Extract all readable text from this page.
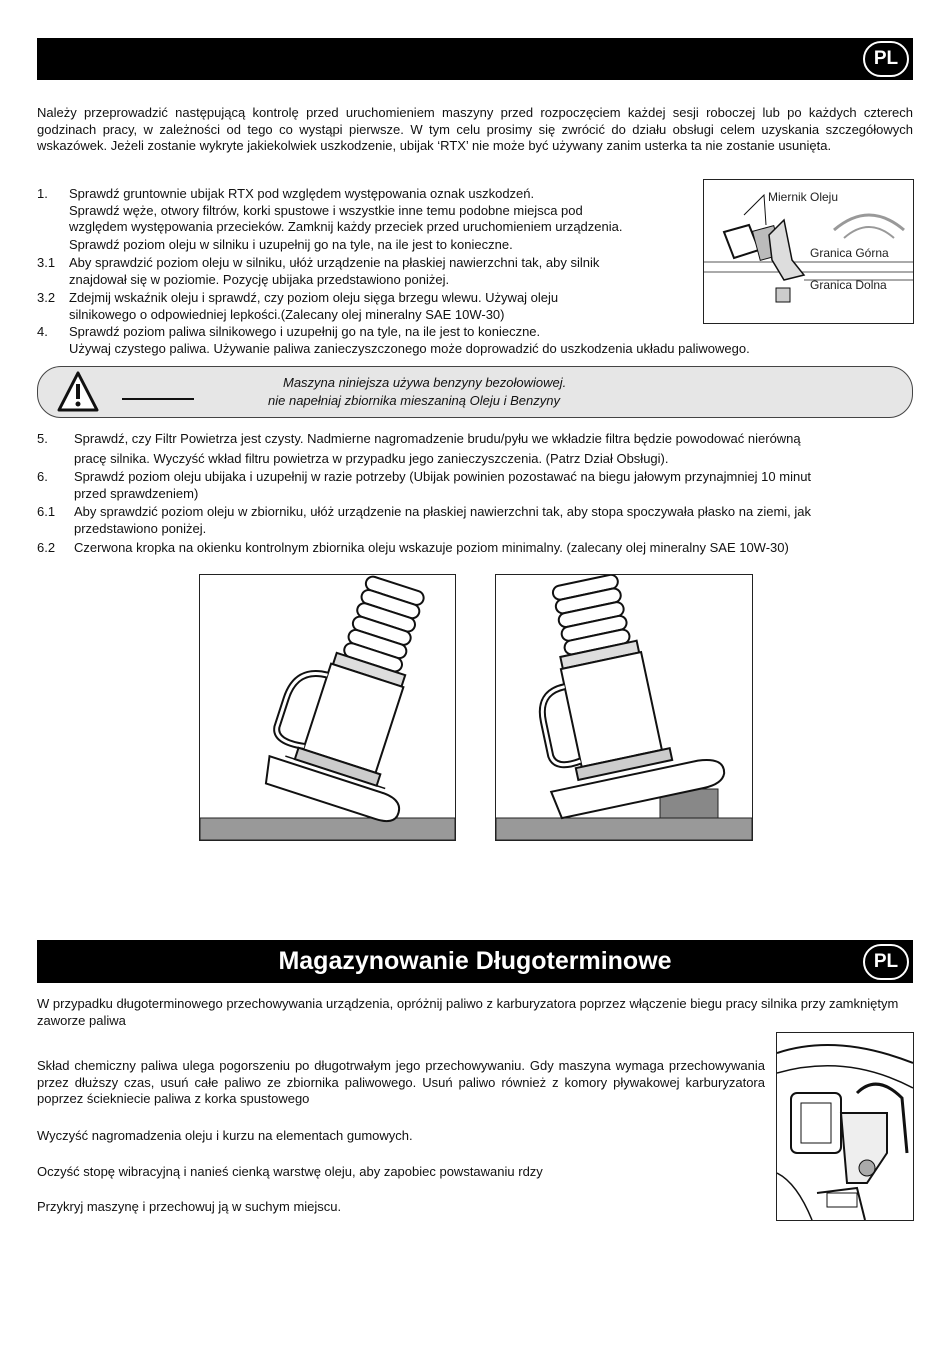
PL

Należy przeprowadzić następującą kontrolę przed uruchomieniem maszyny przed rozpoczęciem każdej sesji roboczej lub po każdych czterech godzinach pracy, w zależności od tego co wystąpi pierwsze. W tym celu prosimy się zwrócić do działu obsługi celem uzyskania szczegółowych wskazówek. Jeżeli zostanie wykryte jakiekolwiek uszkodzenie, ubijak ‘RTX’ nie może być używany zanim usterka ta nie zostanie usunięta.

1. Sprawdź gruntownie ubijak RTX pod względem występowania oznak uszkodzeń.
Sprawdź węże, otwory filtrów, korki spustowe i wszystkie inne temu podobne miejsca pod
względem występowania przecieków. Zamknij każdy przeciek przed uruchomieniem urządzenia.
Sprawdź poziom oleju w silniku i uzupełnij go na tyle, na ile jest to konieczne.
3.1 Aby sprawdzić poziom oleju w silniku, ułóż urządzenie na płaskiej nawierzchni tak, aby silnik
znajdował się w poziomie. Pozycję ubijaka przedstawiono poniżej.
3.2 Zdejmij wskaźnik oleju i sprawdź, czy poziom oleju sięga brzegu wlewu. Używaj oleju
silnikowego o odpowiedniej lepkości.(Zalecany olej mineralny SAE 10W-30)
4. Sprawdź poziom paliwa silnikowego i uzupełnij go na tyle, na ile jest to konieczne.
Używaj czystego paliwa. Używanie paliwa zanieczyszczonego może doprowadzić do uszkodzenia układu paliwowego.
Miernik Oleju
Granica Górna
Granica Dolna
Maszyna niniejsza używa benzyny bezołowiowej.
nie napełniaj zbiornika mieszaniną Oleju i Benzyny
5. Sprawdź, czy Filtr Powietrza jest czysty. Nadmierne nagromadzenie brudu/pyłu we wkładzie filtra będzie powodować nierówną
pracę silnika. Wyczyść wkład filtru powietrza w przypadku jego zanieczyszczenia. (Patrz Dział Obsługi).
6. Sprawdź poziom oleju ubijaka i uzupełnij w razie potrzeby (Ubijak powinien pozostawać na biegu jałowym przynajmniej 10 minut
przed sprawdzeniem)
6.1 Aby sprawdzić poziom oleju w zbiorniku, ułóż urządzenie na płaskiej nawierzchni tak, aby stopa spoczywała płasko na ziemi, jak
przedstawiono poniżej.
6.2 Czerwona kropka na okienku kontrolnym zbiornika oleju wskazuje poziom minimalny. (zalecany olej mineralny SAE 10W-30)
Magazynowanie Długoterminowe	PL

W przypadku długoterminowego przechowywania urządzenia, opróżnij paliwo z karburyzatora poprzez włączenie biegu pracy silnika przy zamkniętym zaworze paliwa

Skład chemiczny paliwa ulega pogorszeniu po długotrwałym jego przechowywaniu. Gdy maszyna wymaga przechowywania przez dłuższy czas, usuń całe paliwo ze zbiornika paliwowego. Usuń paliwo również z komory pływakowej karburyzatora poprzez ściekniecie paliwa z korka spustowego

Wyczyść nagromadzenia oleju i kurzu na elementach gumowych.

Oczyść stopę wibracyjną i nanieś cienką warstwę oleju, aby zapobiec powstawaniu rdzy

Przykryj maszynę i przechowuj ją w suchym miejscu.
